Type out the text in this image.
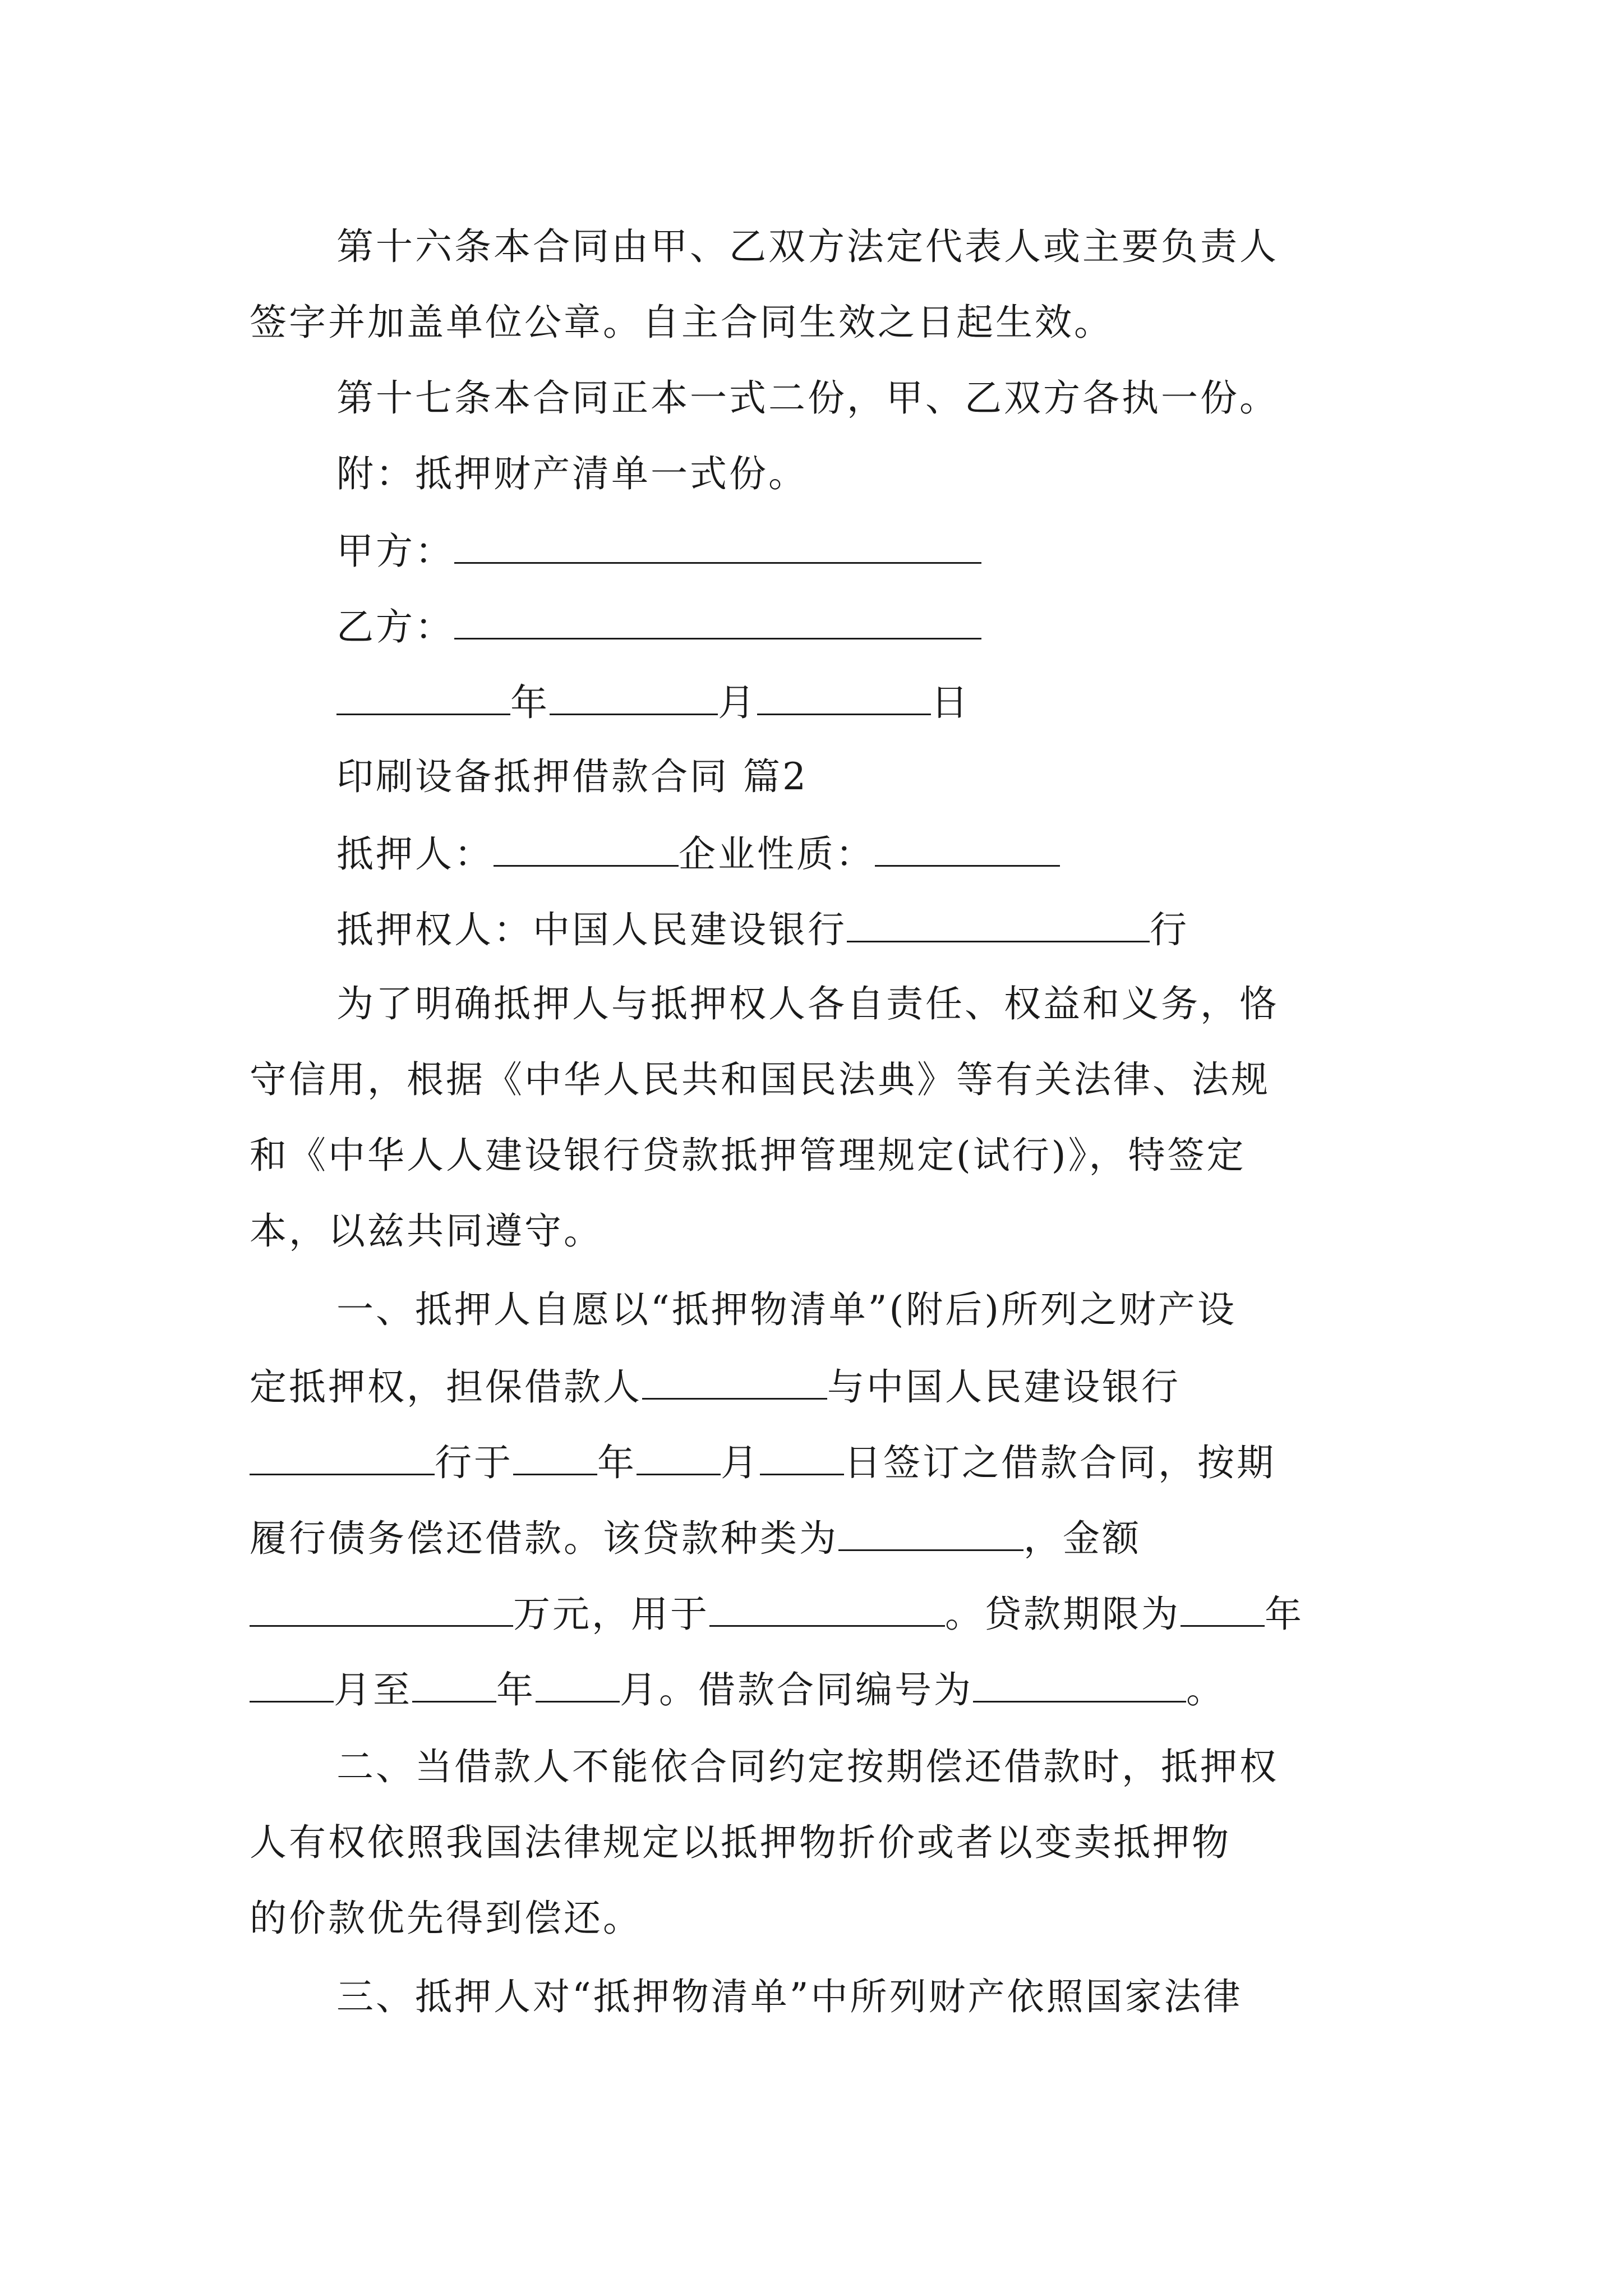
第十六条本合同由甲、乙双方法定代表人或主要负责人
签字并加盖单位公章。自主合同生效之日起生效。
第十七条本合同正本一式二份，甲、乙双方各执一份。
附：抵押财产清单一式份。
甲方：
乙方：
年	月	日
印刷设备抵押借款合同 篇2
抵押人：	企业性质：
抵押权人：中国人民建设银行	行
为了明确抵押人与抵押权人各自责任、权益和义务，恪
守信用，根据《中华人民共和国民法典》等有关法律、法规
和《中华人人建设银行贷款抵押管理规定(试行)》，特签定
本，以兹共同遵守。
一、抵押人自愿以“抵押物清单”(附后)所列之财产设
定抵押权，担保借款人	与中国人民建设银行
行于 年 月 日签订之借款合同，按期
履行债务偿还借款。该贷款种类为	，金额
万元，用于	。贷款期限为 年
月至 年 月。借款合同编号为	。
二、当借款人不能依合同约定按期偿还借款时，抵押权
人有权依照我国法律规定以抵押物折价或者以变卖抵押物
的价款优先得到偿还。
三、抵押人对“抵押物清单”中所列财产依照国家法律
